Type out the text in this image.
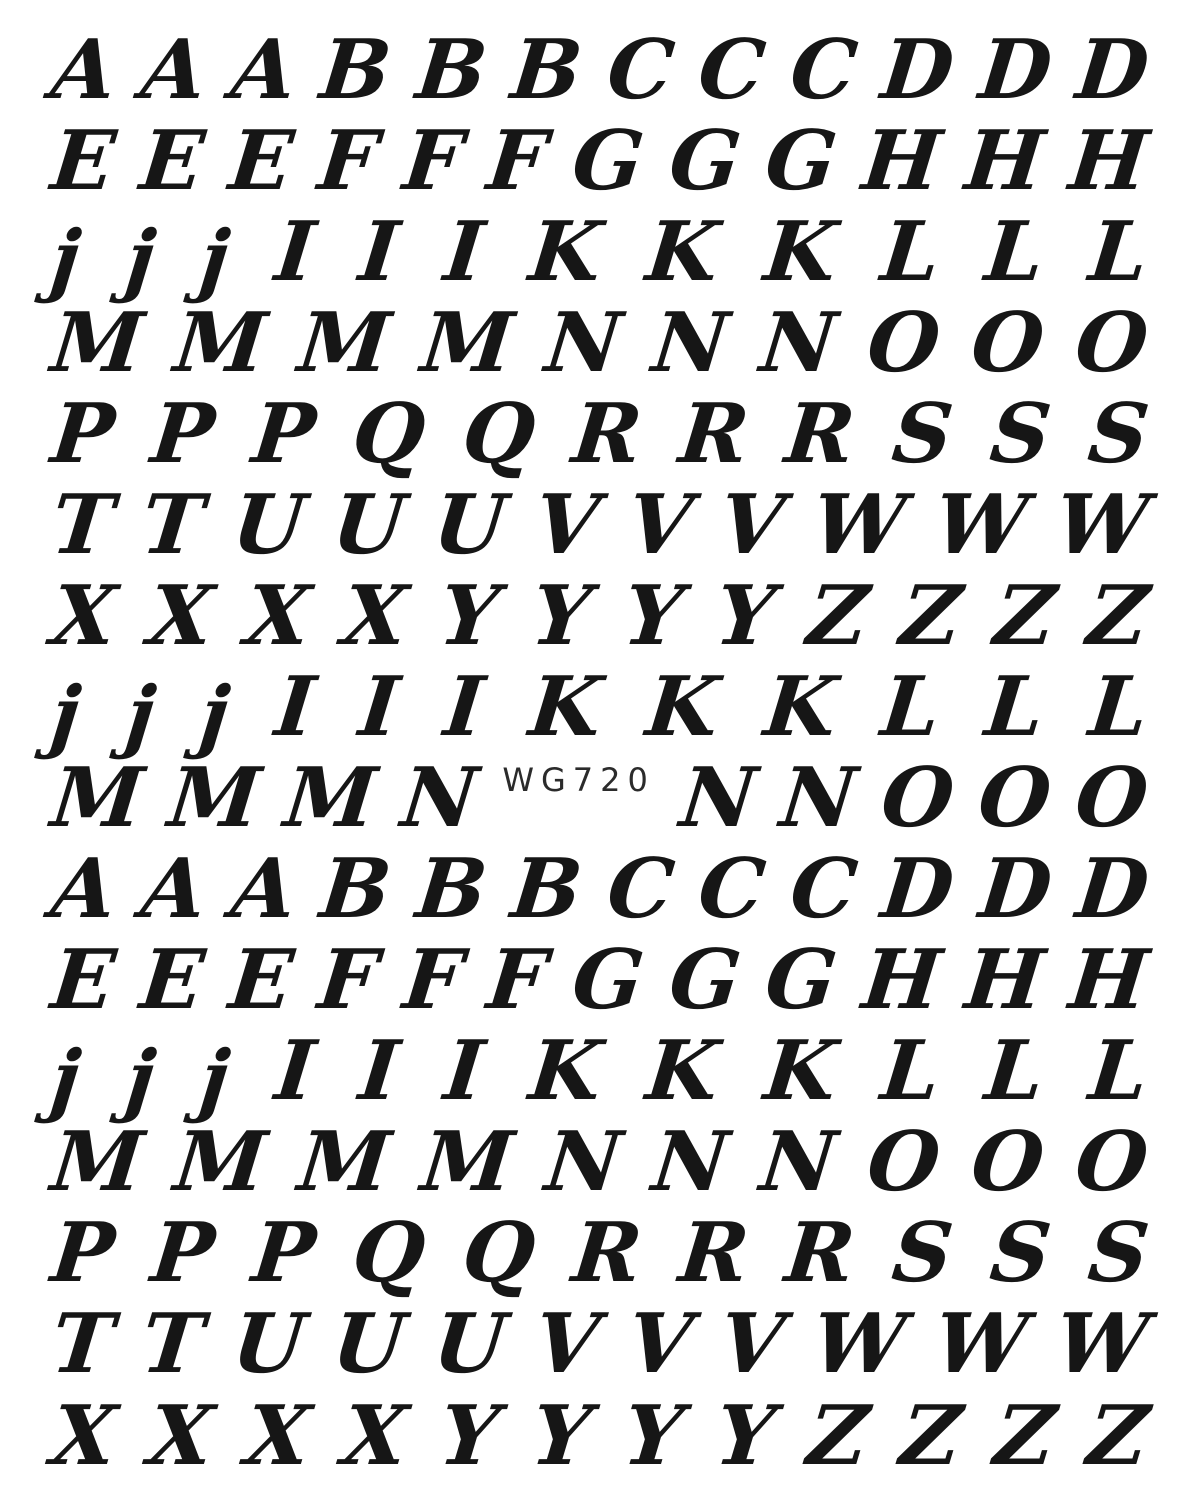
A A A B B B C C C D D D
E E E F F F G G G H H H
j j j I I I K K K L L L
M M M M N N N O O O
P P P Q Q R R R S S S
T T U U U V V V W W W
X X X X Y Y Y Y Z Z Z Z
j j j I I I K K K L L L
M M M N WG720 N N O O O
A A A B B B C C C D D D
E E E F F F G G G H H H
j j j I I I K K K L L L
M M M M N N N O O O
P P P Q Q R R R S S S
T T U U U V V V W W W
X X X X Y Y Y Y Z Z Z Z
